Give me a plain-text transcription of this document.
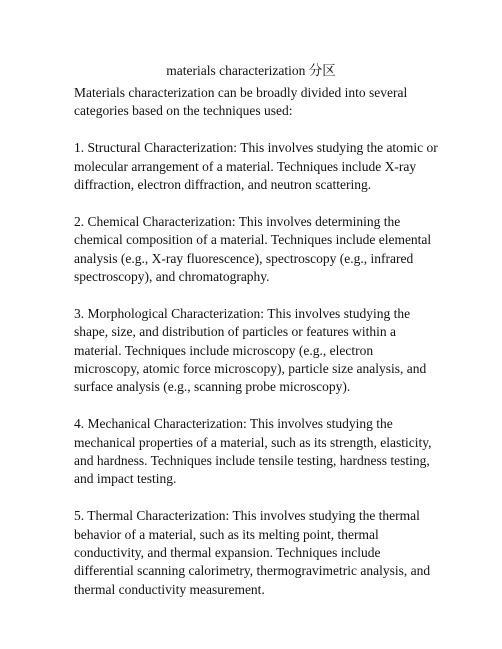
materials characterization 分区

Materials characterization can be broadly divided into several
categories based on the techniques used:

1. Structural Characterization: This involves studying the atomic or
molecular arrangement of a material. Techniques include X-ray
diffraction, electron diffraction, and neutron scattering.

2. Chemical Characterization: This involves determining the
chemical composition of a material. Techniques include elemental
analysis (e.g., X-ray fluorescence), spectroscopy (e.g., infrared
spectroscopy), and chromatography.

3. Morphological Characterization: This involves studying the
shape, size, and distribution of particles or features within a
material. Techniques include microscopy (e.g., electron
microscopy, atomic force microscopy), particle size analysis, and
surface analysis (e.g., scanning probe microscopy).

4. Mechanical Characterization: This involves studying the
mechanical properties of a material, such as its strength, elasticity,
and hardness. Techniques include tensile testing, hardness testing,
and impact testing.

5. Thermal Characterization: This involves studying the thermal
behavior of a material, such as its melting point, thermal
conductivity, and thermal expansion. Techniques include
differential scanning calorimetry, thermogravimetric analysis, and
thermal conductivity measurement.
